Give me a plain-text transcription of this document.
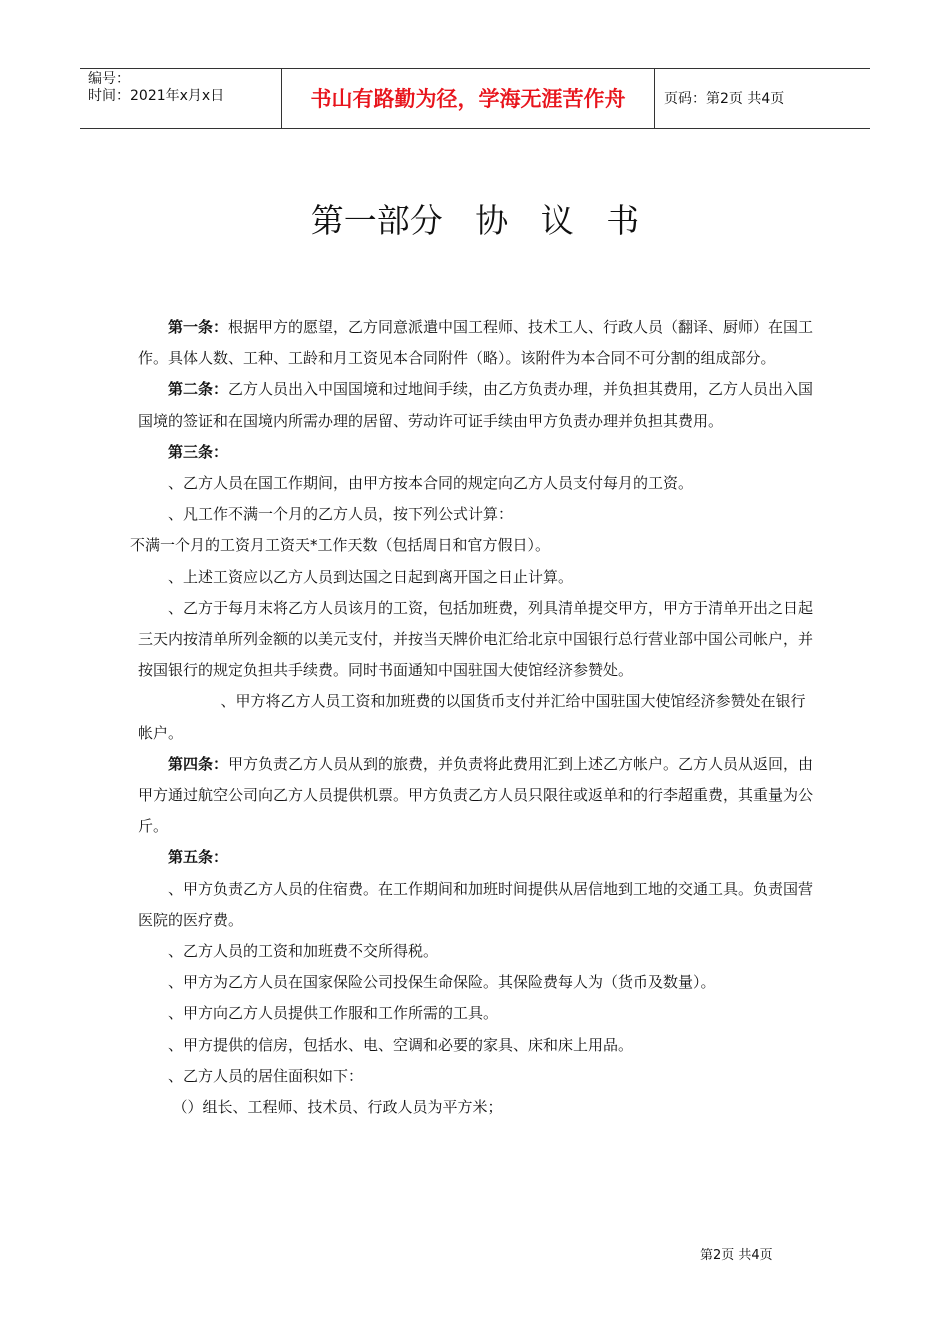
编号：
时间：2021年x月x日	书山有路勤为径，学海无涯苦作舟	页码：第2页 共4页
第一部分 协 议 书

第一条：根据甲方的愿望，乙方同意派遣中国工程师、技术工人、行政人员（翻译、厨师）在国工作。具体人数、工种、工龄和月工资见本合同附件（略）。该附件为本合同不可分割的组成部分。

第二条：乙方人员出入中国国境和过地间手续，由乙方负责办理，并负担其费用，乙方人员出入国国境的签证和在国境内所需办理的居留、劳动许可证手续由甲方负责办理并负担其费用。

第三条：

、乙方人员在国工作期间，由甲方按本合同的规定向乙方人员支付每月的工资。

、凡工作不满一个月的乙方人员，按下列公式计算：

不满一个月的工资月工资天*工作天数（包括周日和官方假日）。

、上述工资应以乙方人员到达国之日起到离开国之日止计算。

、乙方于每月末将乙方人员该月的工资，包括加班费，列具清单提交甲方，甲方于清单开出之日起三天内按清单所列金额的以美元支付，并按当天牌价电汇给北京中国银行总行营业部中国公司帐户，并按国银行的规定负担共手续费。同时书面通知中国驻国大使馆经济参赞处。

、甲方将乙方人员工资和加班费的以国货币支付并汇给中国驻国大使馆经济参赞处在银行帐户。

第四条：甲方负责乙方人员从到的旅费，并负责将此费用汇到上述乙方帐户。乙方人员从返回，由甲方通过航空公司向乙方人员提供机票。甲方负责乙方人员只限往或返单和的行李超重费，其重量为公斤。

第五条：

、甲方负责乙方人员的住宿费。在工作期间和加班时间提供从居信地到工地的交通工具。负责国营医院的医疗费。

、乙方人员的工资和加班费不交所得税。

、甲方为乙方人员在国家保险公司投保生命保险。其保险费每人为（货币及数量）。

、甲方向乙方人员提供工作服和工作所需的工具。

、甲方提供的信房，包括水、电、空调和必要的家具、床和床上用品。

、乙方人员的居住面积如下：

（）组长、工程师、技术员、行政人员为平方米；

第2页 共4页
